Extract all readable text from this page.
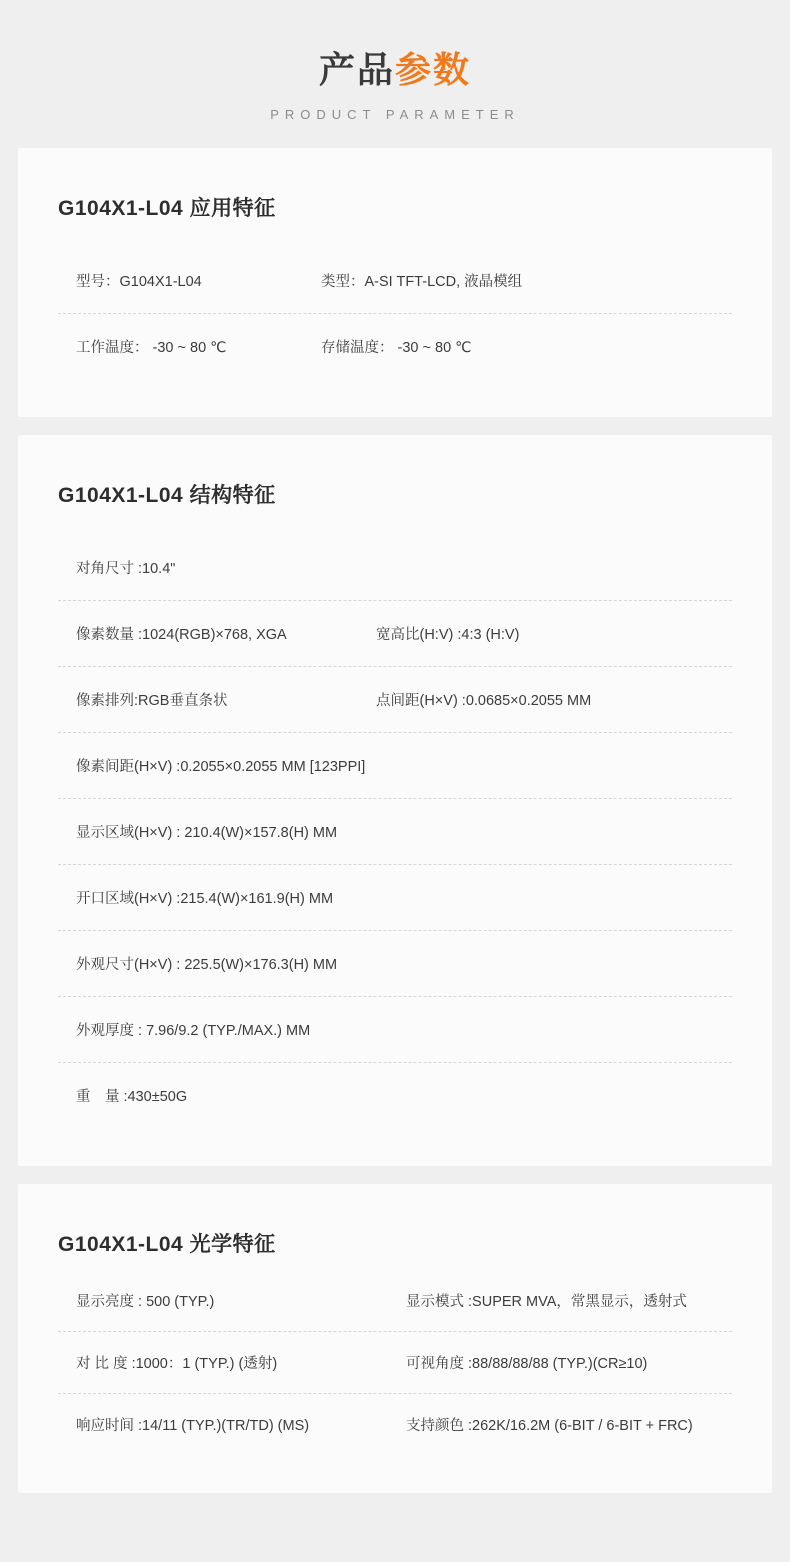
产品参数
PRODUCT PARAMETER
G104X1-L04 应用特征
型号：G104X1-L04	类型：A-SI TFT-LCD, 液晶模组
工作温度： -30 ~ 80 ℃	存储温度： -30 ~ 80 ℃
G104X1-L04 结构特征
对角尺寸 :10.4"
像素数量 :1024(RGB)×768, XGA	宽高比(H:V) :4:3 (H:V)
像素排列:RGB垂直条状	点间距(H×V) :0.0685×0.2055 MM
像素间距(H×V) :0.2055×0.2055 MM [123PPI]
显示区域(H×V) : 210.4(W)×157.8(H) MM
开口区域(H×V) :215.4(W)×161.9(H) MM
外观尺寸(H×V) : 225.5(W)×176.3(H) MM
外观厚度 : 7.96/9.2 (TYP./MAX.) MM
重　量 :430±50G
G104X1-L04 光学特征
显示亮度 : 500 (TYP.)	显示模式 :SUPER MVA，常黑显示，透射式
对 比 度 :1000：1 (TYP.) (透射)	可视角度 :88/88/88/88 (TYP.)(CR≥10)
响应时间 :14/11 (TYP.)(TR/TD) (MS)	支持颜色 :262K/16.2M (6-BIT / 6-BIT + FRC)
